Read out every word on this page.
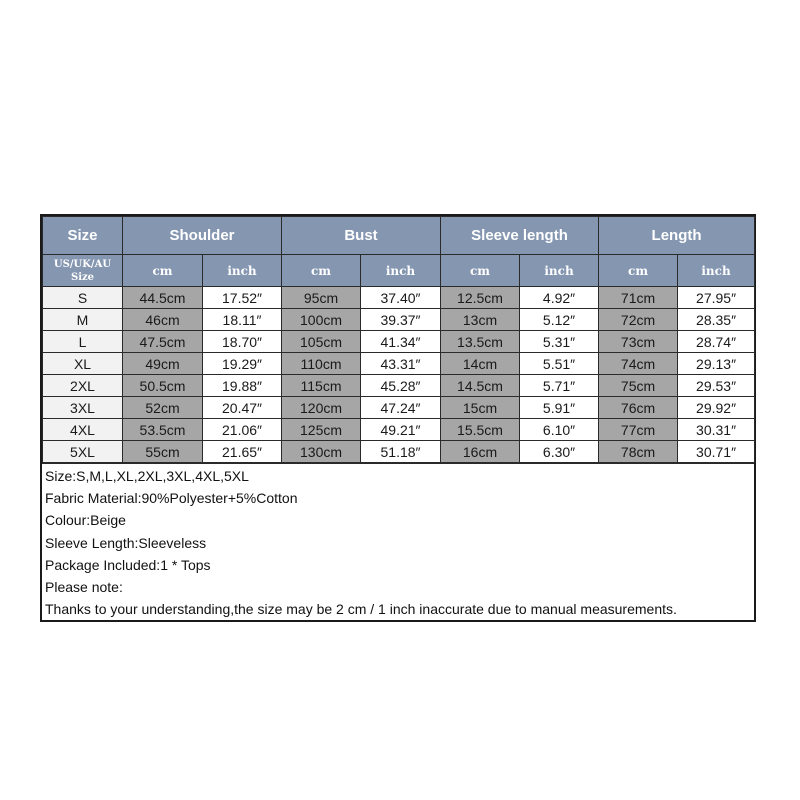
Size	Shoulder		Bust		Sleeve length		Length	

US/UK/AU
Size	cm	inch	cm	inch	cm	inch	cm	inch
S	44.5cm	17.52″	95cm	37.40″	12.5cm	4.92″	71cm	27.95″
M	46cm	18.11″	100cm	39.37″	13cm	5.12″	72cm	28.35″
L	47.5cm	18.70″	105cm	41.34″	13.5cm	5.31″	73cm	28.74″
XL	49cm	19.29″	110cm	43.31″	14cm	5.51″	74cm	29.13″
2XL	50.5cm	19.88″	115cm	45.28″	14.5cm	5.71″	75cm	29.53″
3XL	52cm	20.47″	120cm	47.24″	15cm	5.91″	76cm	29.92″
4XL	53.5cm	21.06″	125cm	49.21″	15.5cm	6.10″	77cm	30.31″
5XL	55cm	21.65″	130cm	51.18″	16cm	6.30″	78cm	30.71″
Size:S,M,L,XL,2XL,3XL,4XL,5XL
Fabric Material:90%Polyester+5%Cotton
Colour:Beige
Sleeve Length:Sleeveless
Package Included:1 * Tops
Please note:
Thanks to your understanding,the size may be 2 cm / 1 inch inaccurate due to manual measurements.
